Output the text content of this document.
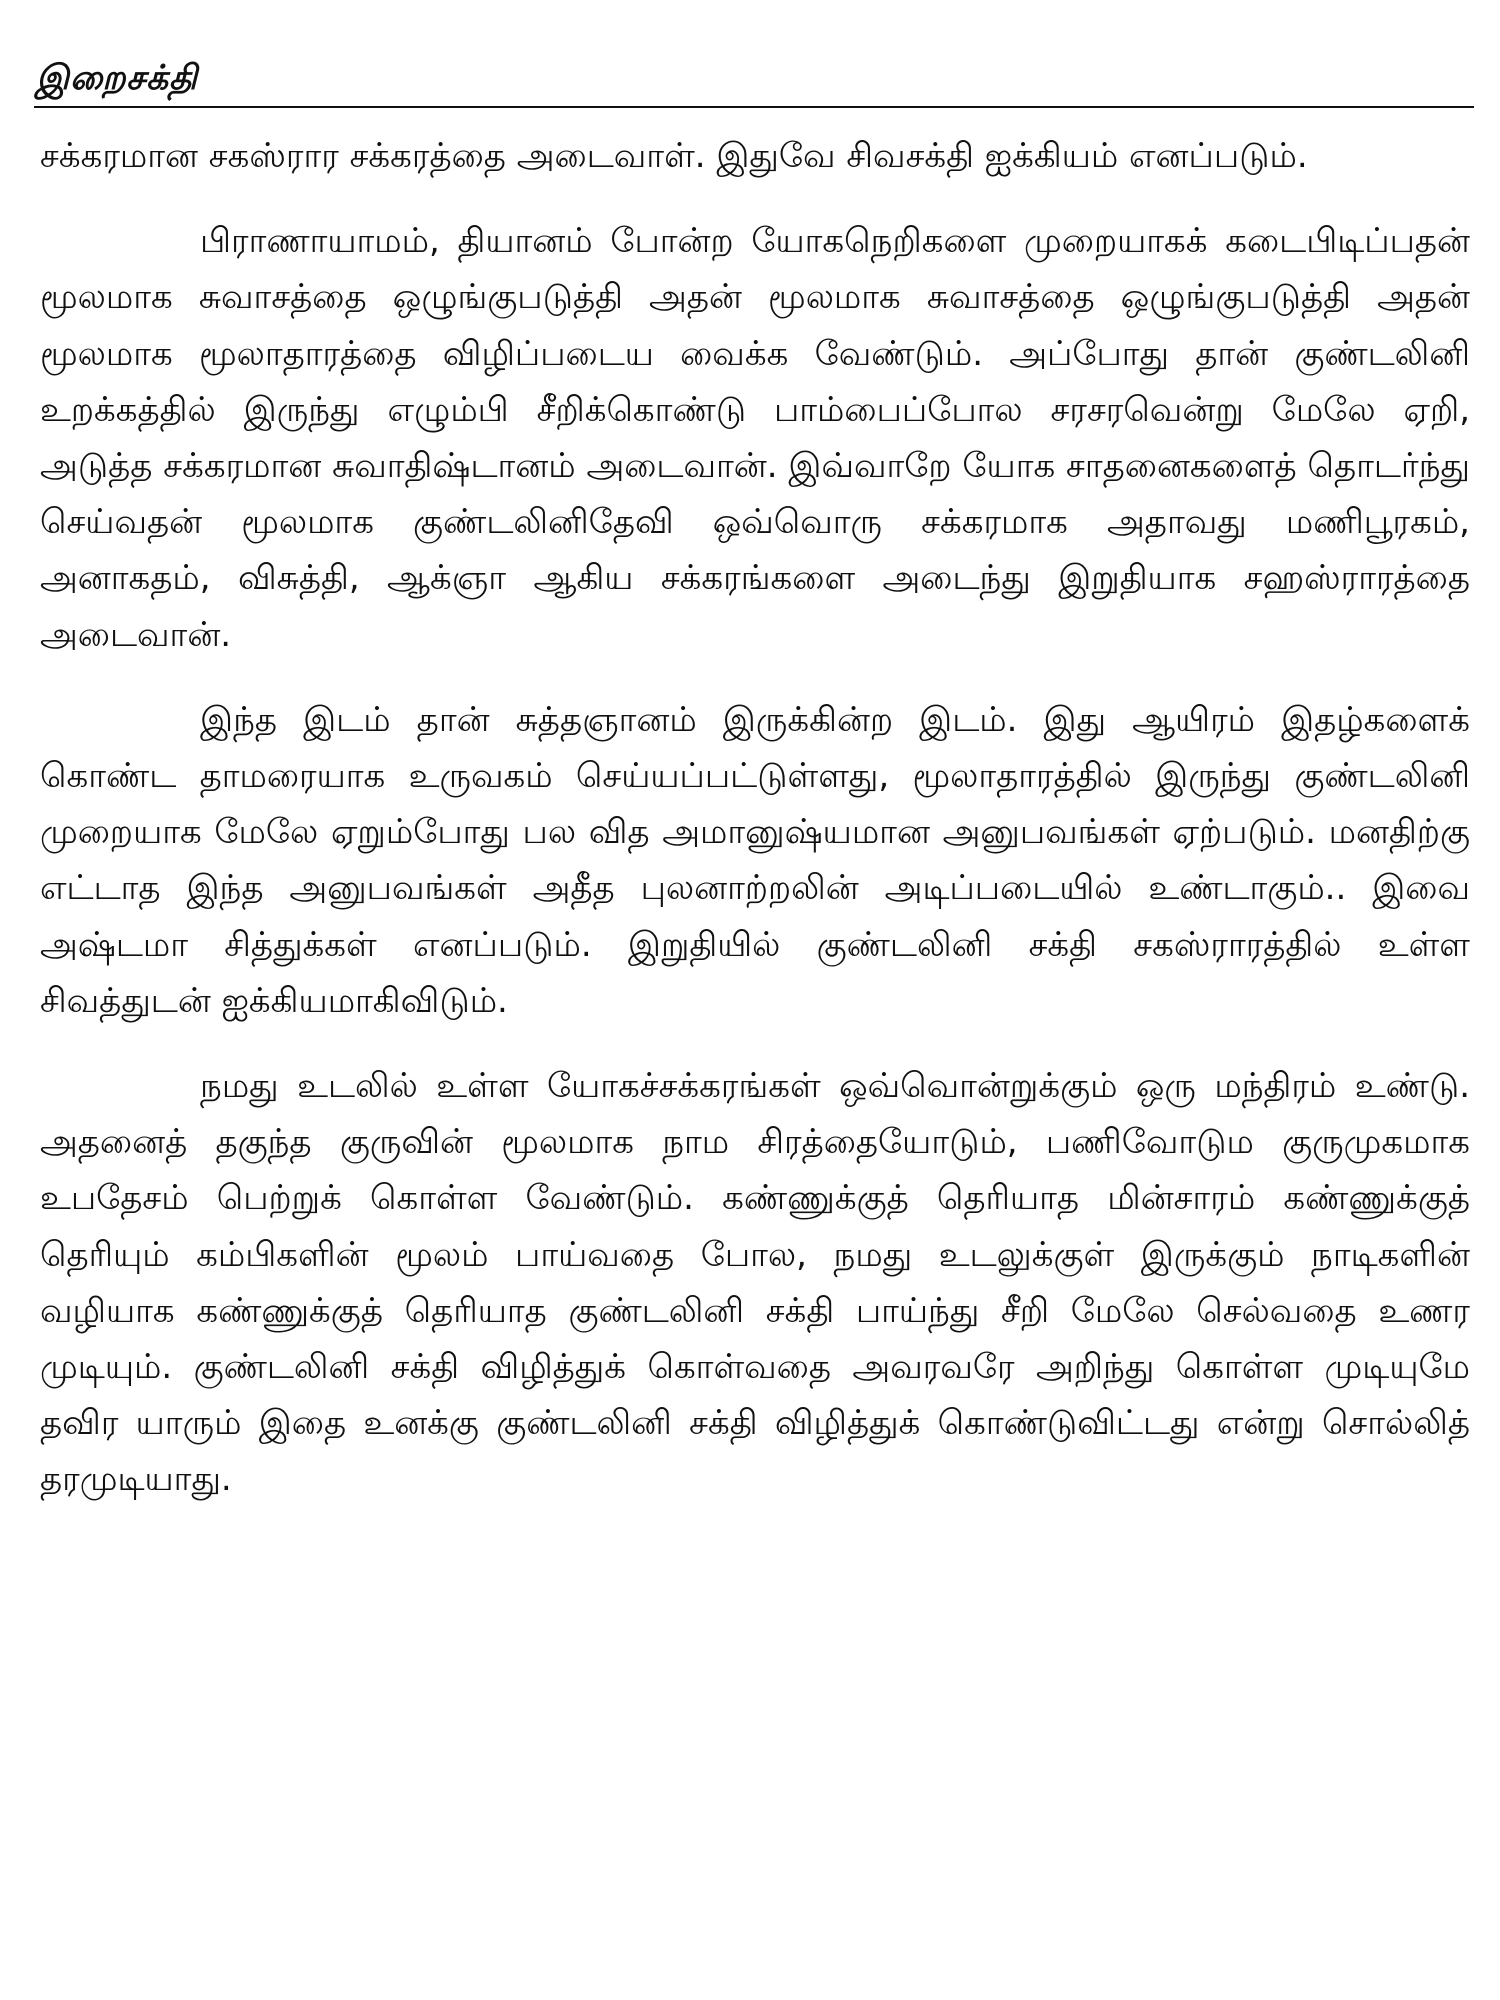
இறைசக்தி

சக்கரமான சகஸ்ரார சக்கரத்தை அடைவாள். இதுவே சிவசக்தி ஐக்கியம் எனப்படும்.

பிராணாயாமம், தியானம் போன்ற யோகநெறிகளை முறையாகக் கடைபிடிப்பதன் மூலமாக சுவாசத்தை ஒழுங்குபடுத்தி அதன் மூலமாக சுவாசத்தை ஒழுங்குபடுத்தி அதன் மூலமாக மூலாதாரத்தை விழிப்படைய வைக்க வேண்டும். அப்போது தான் குண்டலினி உறக்கத்தில் இருந்து எழும்பி சீறிக்கொண்டு பாம்பைப்போல சரசரவென்று மேலே ஏறி, அடுத்த சக்கரமான சுவாதிஷ்டானம் அடைவான். இவ்வாறே யோக சாதனைகளைத் தொடர்ந்து செய்வதன் மூலமாக குண்டலினிதேவி ஒவ்வொரு சக்கரமாக அதாவது மணிபூரகம், அனாகதம், விசுத்தி, ஆக்ஞா ஆகிய சக்கரங்களை அடைந்து இறுதியாக சஹஸ்ராரத்தை அடைவான்.

இந்த இடம் தான் சுத்தஞானம் இருக்கின்ற இடம். இது ஆயிரம் இதழ்களைக் கொண்ட தாமரையாக உருவகம் செய்யப்பட்டுள்ளது, மூலாதாரத்தில் இருந்து குண்டலினி முறையாக மேலே ஏறும்போது பல வித அமானுஷ்யமான அனுபவங்கள் ஏற்படும். மனதிற்கு எட்டாத இந்த அனுபவங்கள் அதீத புலனாற்றலின் அடிப்படையில் உண்டாகும்.. இவை அஷ்டமா சித்துக்கள் எனப்படும். இறுதியில் குண்டலினி சக்தி சகஸ்ராரத்தில் உள்ள சிவத்துடன் ஐக்கியமாகிவிடும்.

நமது உடலில் உள்ள யோகச்சக்கரங்கள் ஒவ்வொன்றுக்கும் ஒரு மந்திரம் உண்டு. அதனைத் தகுந்த குருவின் மூலமாக நாம சிரத்தையோடும், பணிவோடும குருமுகமாக உபதேசம் பெற்றுக் கொள்ள வேண்டும். கண்ணுக்குத் தெரியாத மின்சாரம் கண்ணுக்குத் தெரியும் கம்பிகளின் மூலம் பாய்வதை போல, நமது உடலுக்குள் இருக்கும் நாடிகளின் வழியாக கண்ணுக்குத் தெரியாத குண்டலினி சக்தி பாய்ந்து சீறி மேலே செல்வதை உணர முடியும். குண்டலினி சக்தி விழித்துக் கொள்வதை அவரவரே அறிந்து கொள்ள முடியுமே தவிர யாரும் இதை உனக்கு குண்டலினி சக்தி விழித்துக் கொண்டுவிட்டது என்று சொல்லித் தரமுடியாது.
